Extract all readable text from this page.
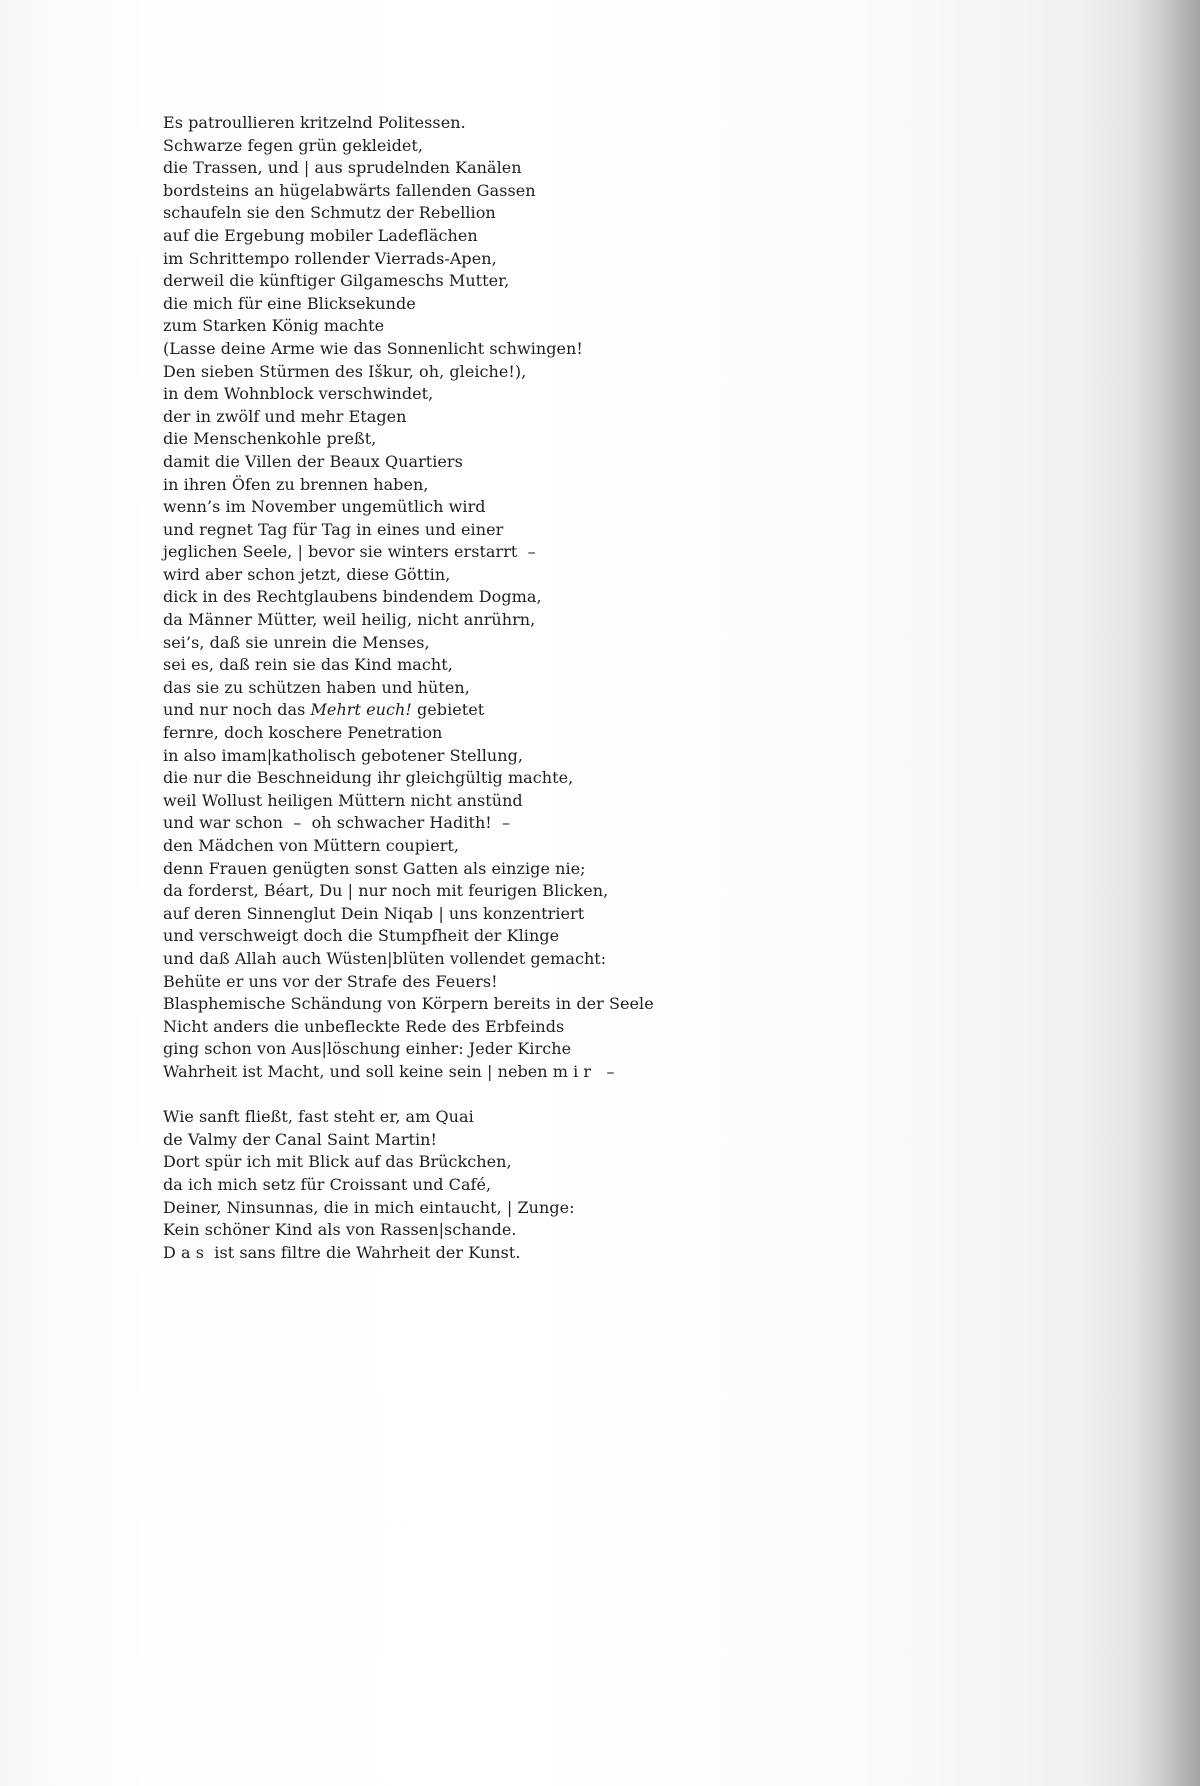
Es patroullieren kritzelnd Politessen.
Schwarze fegen grün gekleidet,
die Trassen, und | aus sprudelnden Kanälen
bordsteins an hügelabwärts fallenden Gassen
schaufeln sie den Schmutz der Rebellion
auf die Ergebung mobiler Ladeflächen
im Schrittempo rollender Vierrads-Apen,
derweil die künftiger Gilgameschs Mutter,
die mich für eine Blicksekunde
zum Starken König machte
(Lasse deine Arme wie das Sonnenlicht schwingen!
Den sieben Stürmen des Iškur, oh, gleiche!),
in dem Wohnblock verschwindet,
der in zwölf und mehr Etagen
die Menschenkohle preßt,
damit die Villen der Beaux Quartiers
in ihren Öfen zu brennen haben,
wenn’s im November ungemütlich wird
und regnet Tag für Tag in eines und einer
jeglichen Seele, | bevor sie winters erstarrt  –
wird aber schon jetzt, diese Göttin,
dick in des Rechtglaubens bindendem Dogma,
da Männer Mütter, weil heilig, nicht anrührn,
sei’s, daß sie unrein die Menses,
sei es, daß rein sie das Kind macht,
das sie zu schützen haben und hüten,
und nur noch das Mehrt euch! gebietet
fernre, doch koschere Penetration
in also imam|katholisch gebotener Stellung,
die nur die Beschneidung ihr gleichgültig machte,
weil Wollust heiligen Müttern nicht anstünd
und war schon  –  oh schwacher Hadith!  –
den Mädchen von Müttern coupiert,
denn Frauen genügten sonst Gatten als einzige nie;
da forderst, Béart, Du | nur noch mit feurigen Blicken,
auf deren Sinnenglut Dein Niqab | uns konzentriert
und verschweigt doch die Stumpfheit der Klinge
und daß Allah auch Wüsten|blüten vollendet gemacht:
Behüte er uns vor der Strafe des Feuers!
Blasphemische Schändung von Körpern bereits in der Seele
Nicht anders die unbefleckte Rede des Erbfeinds
ging schon von Aus|löschung einher: Jeder Kirche
Wahrheit ist Macht, und soll keine sein | neben m i r   –
Wie sanft fließt, fast steht er, am Quai
de Valmy der Canal Saint Martin!
Dort spür ich mit Blick auf das Brückchen,
da ich mich setz für Croissant und Café,
Deiner, Ninsunnas, die in mich eintaucht, | Zunge:
Kein schöner Kind als von Rassen|schande.
D a s  ist sans filtre die Wahrheit der Kunst.
